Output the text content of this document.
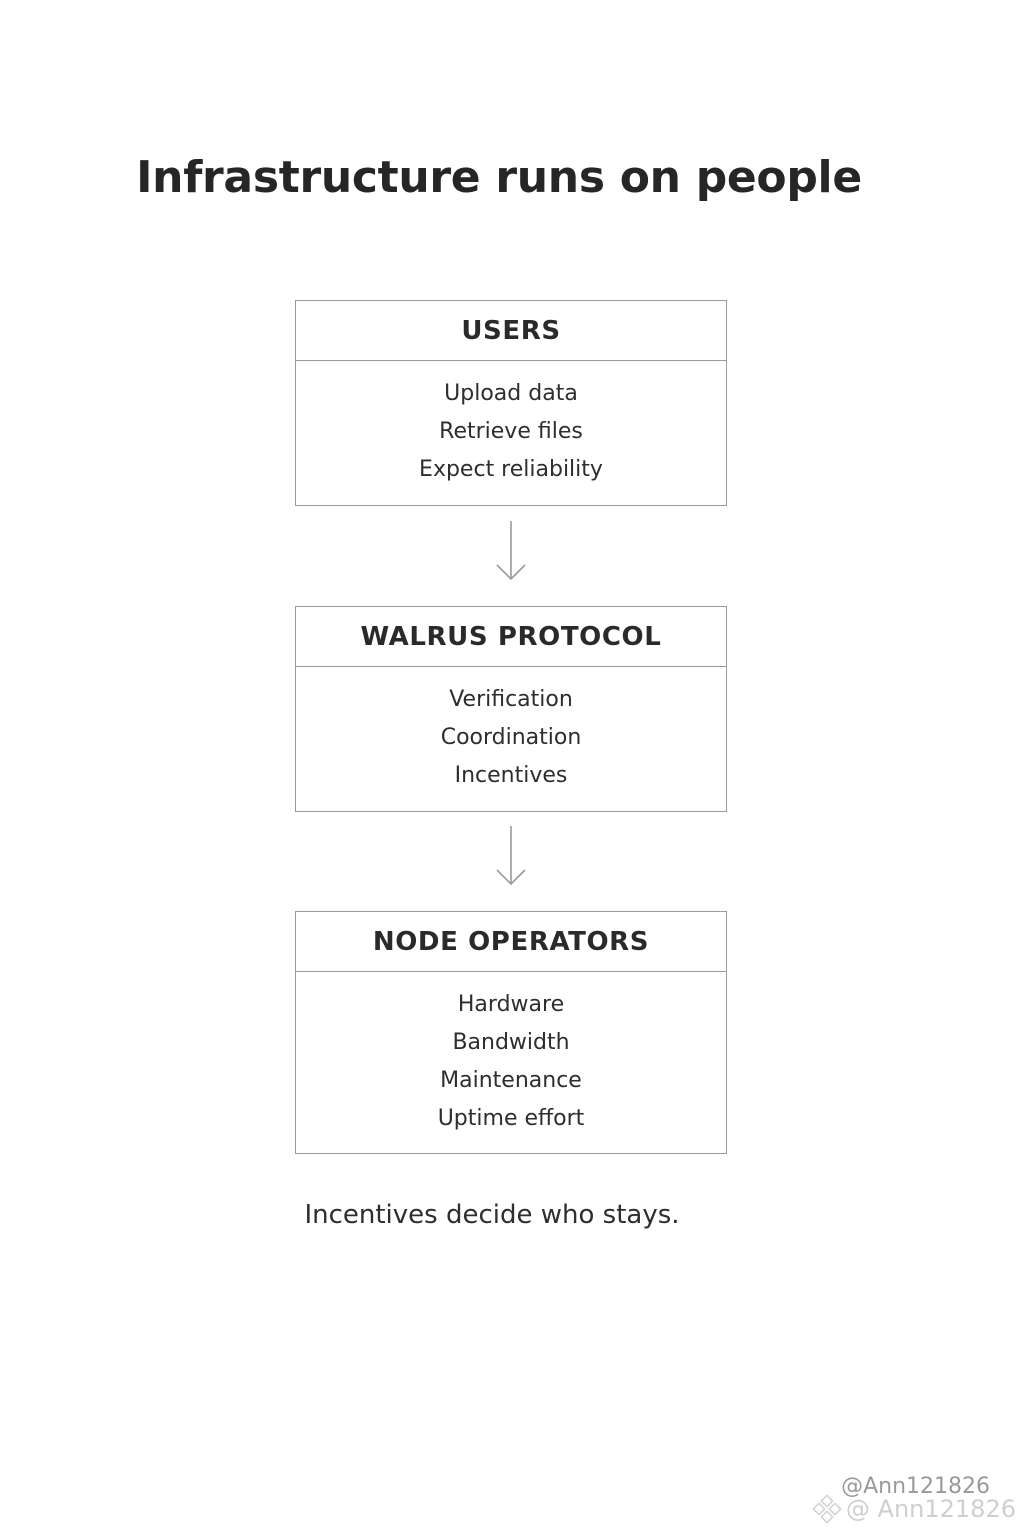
Infrastructure runs on people
USERS
Upload data
Retrieve files
Expect reliability
WALRUS PROTOCOL
Verification
Coordination
Incentives
NODE OPERATORS
Hardware
Bandwidth
Maintenance
Uptime effort
Incentives decide who stays.
@Ann121826
@ Ann121826
